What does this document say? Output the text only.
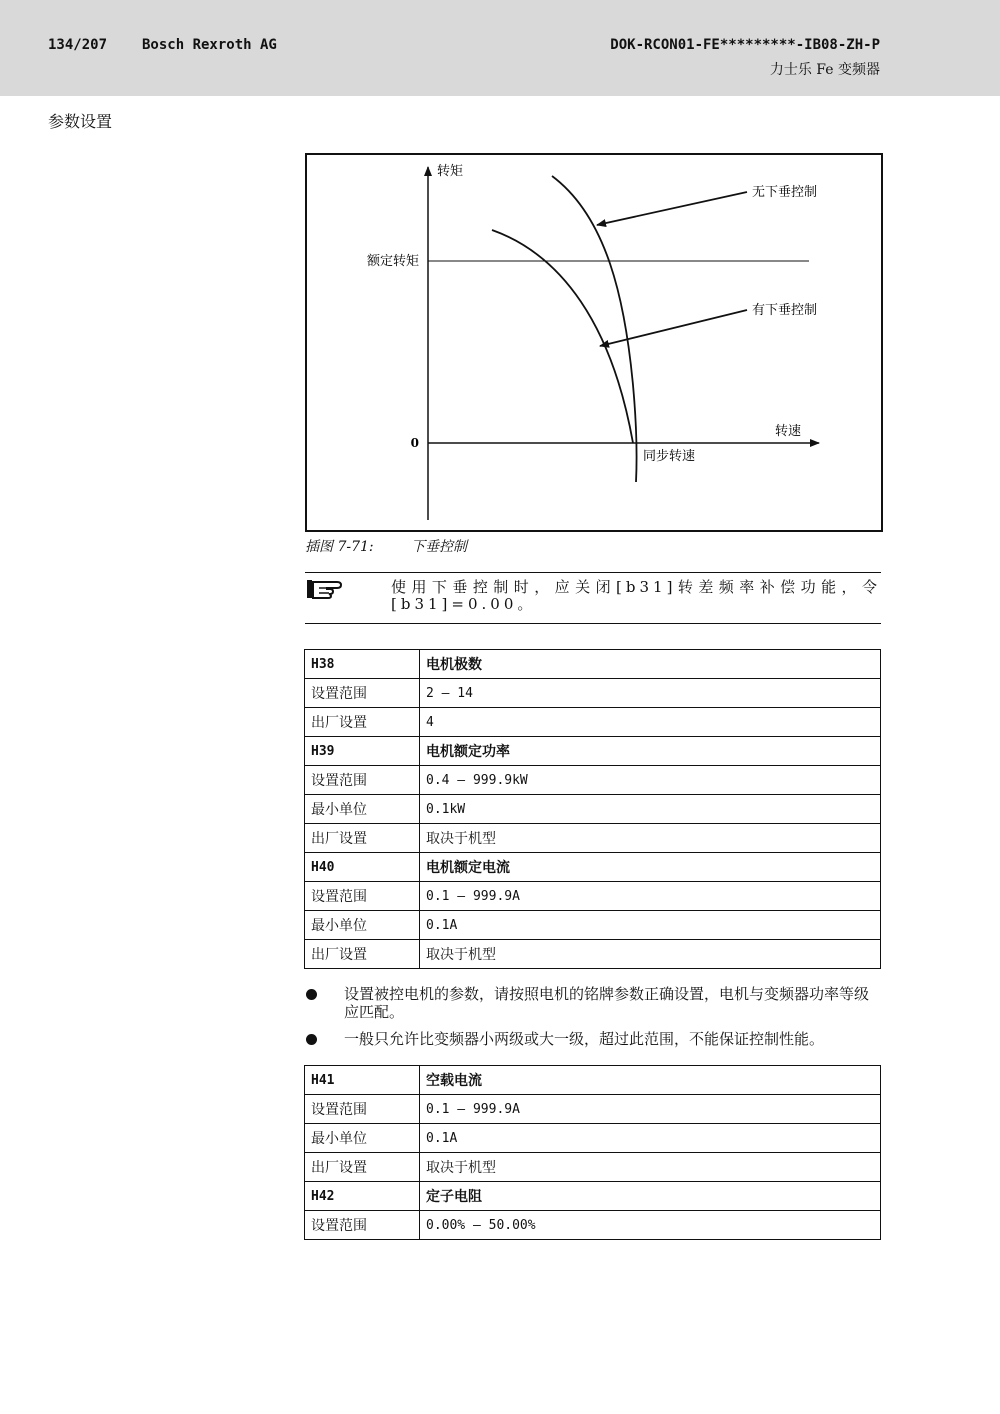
134/207 Bosch Rexroth AG	DOK-RCON01-FE*********-IB08-ZH-P
力士乐 Fe 变频器
参数设置
转矩
转速
额定转矩
0
同步转速
无下垂控制
有下垂控制
插图 7-71:	下垂控制
使用下垂控制时，应关闭[b31]转差频率补偿功能，令[b31]=0.00。
H38	电机极数
设置范围	2 – 14
出厂设置	4
H39	电机额定功率
设置范围	0.4 – 999.9kW
最小单位	0.1kW
出厂设置	取决于机型
H40	电机额定电流
设置范围	0.1 – 999.9A
最小单位	0.1A
出厂设置	取决于机型
设置被控电机的参数，请按照电机的铭牌参数正确设置，电机与变频器功率等级应匹配。
一般只允许比变频器小两级或大一级，超过此范围，不能保证控制性能。
H41	空载电流
设置范围	0.1 – 999.9A
最小单位	0.1A
出厂设置	取决于机型
H42	定子电阻
设置范围	0.00% – 50.00%
